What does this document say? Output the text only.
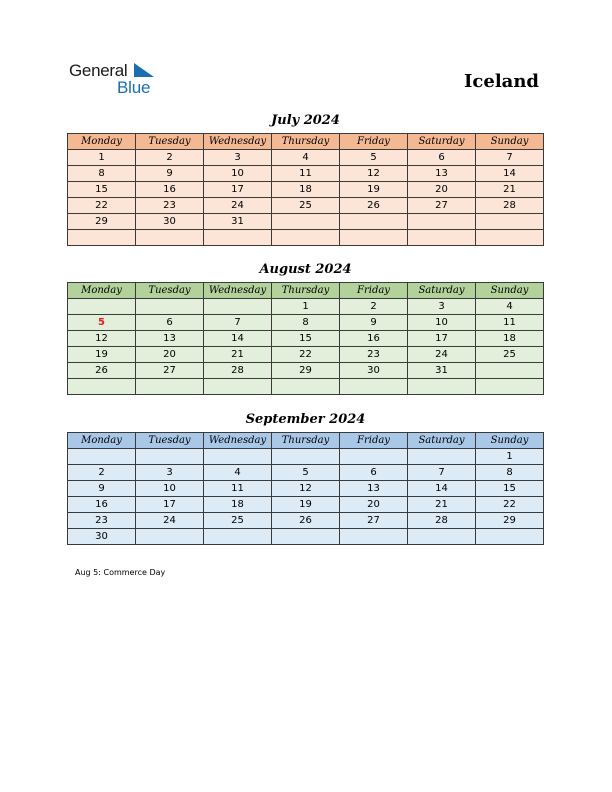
General
Blue	Iceland
July 2024
Monday	Tuesday	Wednesday	Thursday	Friday	Saturday	Sunday
1	2	3	4	5	6	7
8	9	10	11	12	13	14
15	16	17	18	19	20	21
22	23	24	25	26	27	28
29	30	31				

August 2024
Monday	Tuesday	Wednesday	Thursday	Friday	Saturday	Sunday
			1	2	3	4
5	6	7	8	9	10	11
12	13	14	15	16	17	18
19	20	21	22	23	24	25
26	27	28	29	30	31	

September 2024
Monday	Tuesday	Wednesday	Thursday	Friday	Saturday	Sunday
						1
2	3	4	5	6	7	8
9	10	11	12	13	14	15
16	17	18	19	20	21	22
23	24	25	26	27	28	29
30						
Aug 5: Commerce Day
